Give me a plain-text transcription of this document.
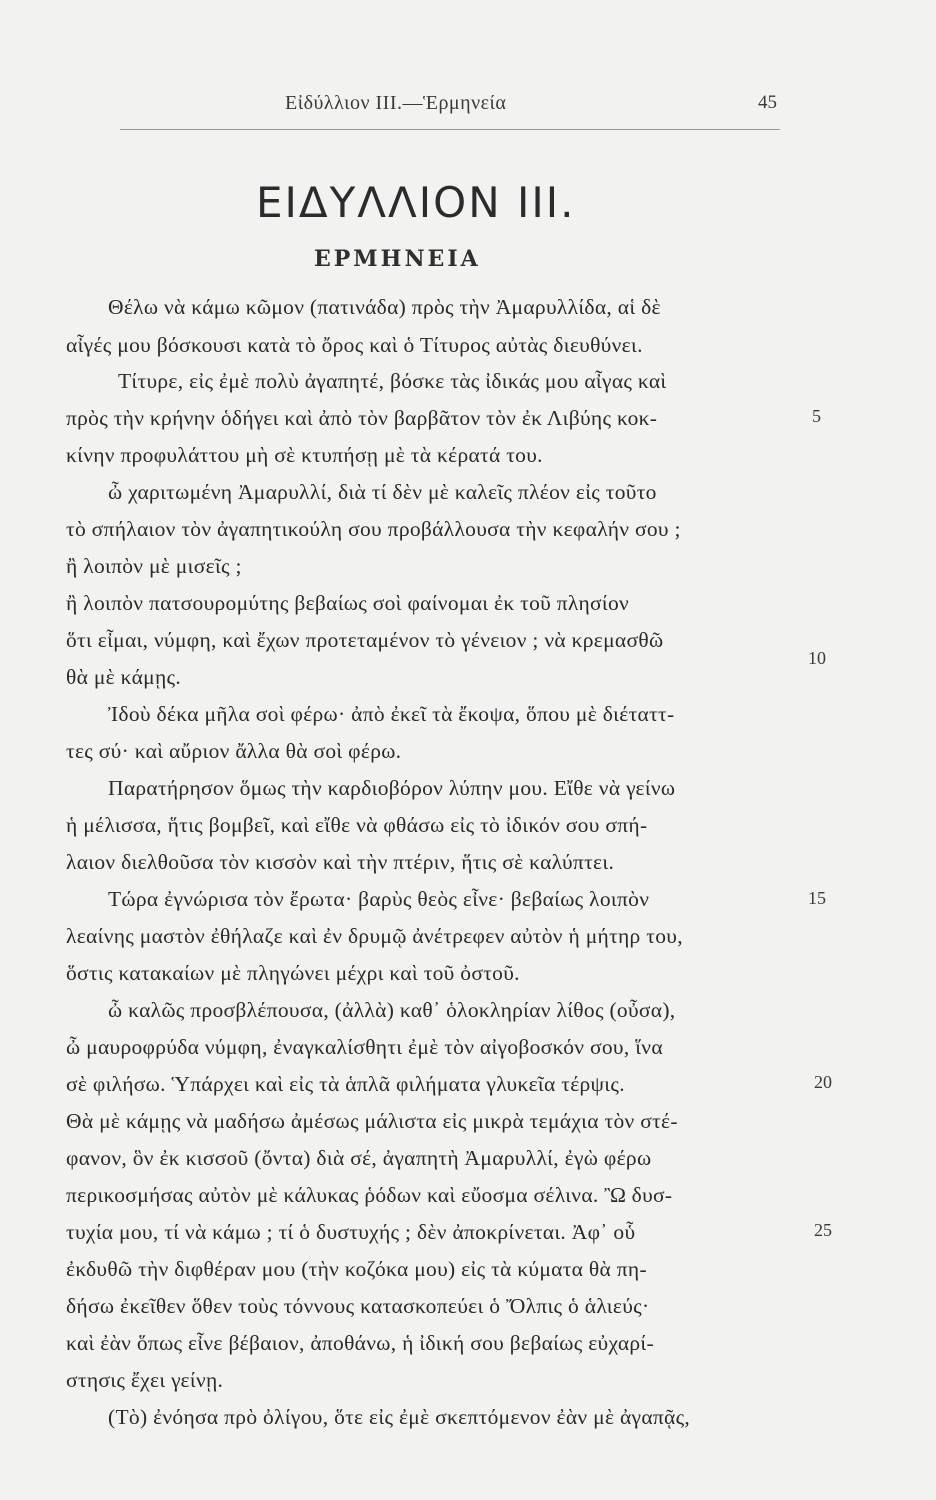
Εἰδύλλιον ΙΙΙ.—Ἑρμηνεία	45
ΕΙΔΥΛΛΙΟΝ ΙΙΙ.
ΕΡΜΗΝΕΙΑ
Θέλω νὰ κάμω κῶμον (πατινάδα) πρὸς τὴν Ἀμαρυλλίδα, αἱ δὲ
αἶγές μου βόσκουσι κατὰ τὸ ὄρος καὶ ὁ Τίτυρος αὐτὰς διευθύνει.
Τίτυρε, εἰς ἐμὲ πολὺ ἀγαπητέ, βόσκε τὰς ἰδικάς μου αἶγας καὶ
πρὸς τὴν κρήνην ὁδήγει καὶ ἀπὸ τὸν βαρβᾶτον τὸν ἐκ Λιβύης κοκ-
κίνην προφυλάττου μὴ σὲ κτυπήσῃ μὲ τὰ κέρατά του.
ὦ χαριτωμένη Ἀμαρυλλί, διὰ τί δὲν μὲ καλεῖς πλέον εἰς τοῦτο
τὸ σπήλαιον τὸν ἀγαπητικούλη σου προβάλλουσα τὴν κεφαλήν σου ;
ἢ λοιπὸν μὲ μισεῖς ;
ἢ λοιπὸν πατσουρομύτης βεβαίως σοὶ φαίνομαι ἐκ τοῦ πλησίον
ὅτι εἶμαι, νύμφη, καὶ ἔχων προτεταμένον τὸ γένειον ; νὰ κρεμασθῶ
θὰ μὲ κάμῃς.
Ἰδοὺ δέκα μῆλα σοὶ φέρω· ἀπὸ ἐκεῖ τὰ ἔκοψα, ὅπου μὲ διέταττ-
τες σύ· καὶ αὔριον ἄλλα θὰ σοὶ φέρω.
Παρατήρησον ὅμως τὴν καρδιοβόρον λύπην μου. Εἴθε νὰ γείνω
ἡ μέλισσα, ἥτις βομβεῖ, καὶ εἴθε νὰ φθάσω εἰς τὸ ἰδικόν σου σπή-
λαιον διελθοῦσα τὸν κισσὸν καὶ τὴν πτέριν, ἥτις σὲ καλύπτει.
Τώρα ἐγνώρισα τὸν ἔρωτα· βαρὺς θεὸς εἶνε· βεβαίως λοιπὸν
λεαίνης μαστὸν ἐθήλαζε καὶ ἐν δρυμῷ ἀνέτρεφεν αὐτὸν ἡ μήτηρ του,
ὅστις κατακαίων μὲ πληγώνει μέχρι καὶ τοῦ ὀστοῦ.
ὦ καλῶς προσβλέπουσα, (ἀλλὰ) καθ᾽ ὁλοκληρίαν λίθος (οὖσα),
ὦ μαυροφρύδα νύμφη, ἐναγκαλίσθητι ἐμὲ τὸν αἰγοβοσκόν σου, ἵνα
σὲ φιλήσω. Ὑπάρχει καὶ εἰς τὰ ἁπλᾶ φιλήματα γλυκεῖα τέρψις.
Θὰ μὲ κάμῃς νὰ μαδήσω ἀμέσως μάλιστα εἰς μικρὰ τεμάχια τὸν στέ-
φανον, ὃν ἐκ κισσοῦ (ὄντα) διὰ σέ, ἀγαπητὴ Ἀμαρυλλί, ἐγὼ φέρω
περικοσμήσας αὐτὸν μὲ κάλυκας ῥόδων καὶ εὔοσμα σέλινα. Ὢ δυσ-
τυχία μου, τί νὰ κάμω ; τί ὁ δυστυχής ; δὲν ἀποκρίνεται. Ἀφ᾽ οὗ
ἐκδυθῶ τὴν διφθέραν μου (τὴν κοζόκα μου) εἰς τὰ κύματα θὰ πη-
δήσω ἐκεῖθεν ὅθεν τοὺς τόννους κατασκοπεύει ὁ Ὄλπις ὁ ἁλιεύς·
καὶ ἐὰν ὅπως εἶνε βέβαιον, ἀποθάνω, ἡ ἰδική σου βεβαίως εὐχαρί-
στησις ἔχει γείνῃ.
(Τὸ) ἐνόησα πρὸ ὀλίγου, ὅτε εἰς ἐμὲ σκεπτόμενον ἐὰν μὲ ἀγαπᾷς,
5
10
15
20
25
